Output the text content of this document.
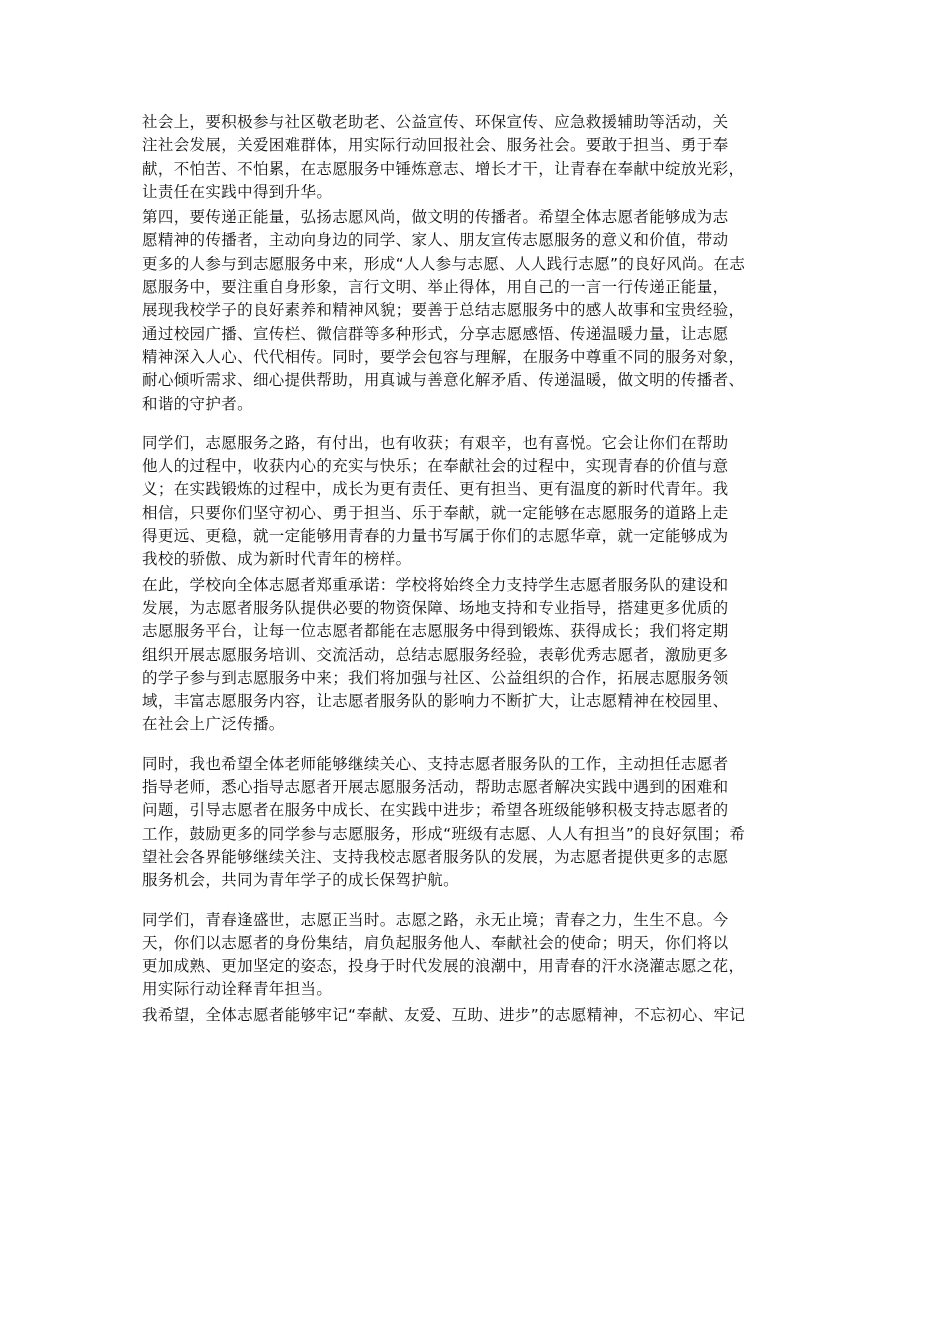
社会上，要积极参与社区敬老助老、公益宣传、环保宣传、应急救援辅助等活动，关
注社会发展，关爱困难群体，用实际行动回报社会、服务社会。要敢于担当、勇于奉
献，不怕苦、不怕累，在志愿服务中锤炼意志、增长才干，让青春在奉献中绽放光彩，
让责任在实践中得到升华。
第四，要传递正能量，弘扬志愿风尚，做文明的传播者。希望全体志愿者能够成为志
愿精神的传播者，主动向身边的同学、家人、朋友宣传志愿服务的意义和价值，带动
更多的人参与到志愿服务中来，形成“人人参与志愿、人人践行志愿”的良好风尚。在志
愿服务中，要注重自身形象，言行文明、举止得体，用自己的一言一行传递正能量，
展现我校学子的良好素养和精神风貌；要善于总结志愿服务中的感人故事和宝贵经验，
通过校园广播、宣传栏、微信群等多种形式，分享志愿感悟、传递温暖力量，让志愿
精神深入人心、代代相传。同时，要学会包容与理解，在服务中尊重不同的服务对象，
耐心倾听需求、细心提供帮助，用真诚与善意化解矛盾、传递温暖，做文明的传播者、
和谐的守护者。
同学们，志愿服务之路，有付出，也有收获；有艰辛，也有喜悦。它会让你们在帮助
他人的过程中，收获内心的充实与快乐；在奉献社会的过程中，实现青春的价值与意
义；在实践锻炼的过程中，成长为更有责任、更有担当、更有温度的新时代青年。我
相信，只要你们坚守初心、勇于担当、乐于奉献，就一定能够在志愿服务的道路上走
得更远、更稳，就一定能够用青春的力量书写属于你们的志愿华章，就一定能够成为
我校的骄傲、成为新时代青年的榜样。
在此，学校向全体志愿者郑重承诺：学校将始终全力支持学生志愿者服务队的建设和
发展，为志愿者服务队提供必要的物资保障、场地支持和专业指导，搭建更多优质的
志愿服务平台，让每一位志愿者都能在志愿服务中得到锻炼、获得成长；我们将定期
组织开展志愿服务培训、交流活动，总结志愿服务经验，表彰优秀志愿者，激励更多
的学子参与到志愿服务中来；我们将加强与社区、公益组织的合作，拓展志愿服务领
域，丰富志愿服务内容，让志愿者服务队的影响力不断扩大，让志愿精神在校园里、
在社会上广泛传播。
同时，我也希望全体老师能够继续关心、支持志愿者服务队的工作，主动担任志愿者
指导老师，悉心指导志愿者开展志愿服务活动，帮助志愿者解决实践中遇到的困难和
问题，引导志愿者在服务中成长、在实践中进步；希望各班级能够积极支持志愿者的
工作，鼓励更多的同学参与志愿服务，形成“班级有志愿、人人有担当”的良好氛围；希
望社会各界能够继续关注、支持我校志愿者服务队的发展，为志愿者提供更多的志愿
服务机会，共同为青年学子的成长保驾护航。
同学们，青春逢盛世，志愿正当时。志愿之路，永无止境；青春之力，生生不息。今
天，你们以志愿者的身份集结，肩负起服务他人、奉献社会的使命；明天，你们将以
更加成熟、更加坚定的姿态，投身于时代发展的浪潮中，用青春的汗水浇灌志愿之花，
用实际行动诠释青年担当。
我希望，全体志愿者能够牢记“奉献、友爱、互助、进步”的志愿精神，不忘初心、牢记
